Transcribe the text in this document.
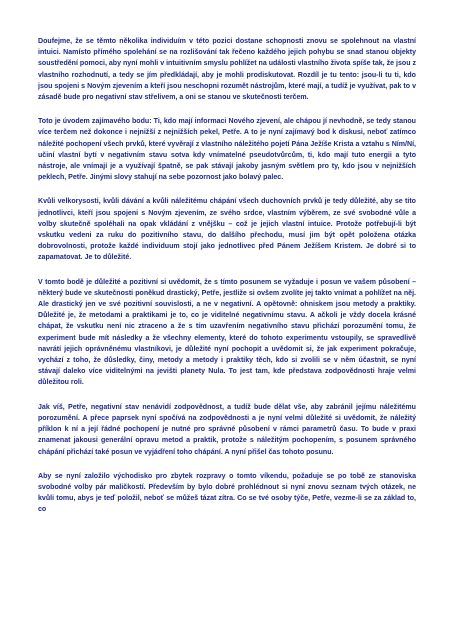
Doufejme, že se těmto několika individuím v této pozici dostane schopnosti znovu se spolehnout na vlastní intuici. Namísto přímého spolehání se na rozlišování tak řečeno každého jejich pohybu se snad stanou objekty soustředění pomoci, aby nyní mohli v intuitivním smyslu pohlížet na události vlastního života spíše tak, že jsou z vlastního rozhodnutí, a tedy se jím předkládají, aby je mohli prodiskutovat. Rozdíl je tu tento: jsou-li tu ti, kdo jsou spojeni s Novým zjevením a kteří jsou neschopni rozumět nástrojům, které mají, a tudíž je využívat, pak to v zásadě bude pro negativní stav střelivem, a oni se stanou ve skutečnosti terčem.

Toto je úvodem zajímavého bodu: Ti, kdo mají informaci Nového zjevení, ale chápou jí nevhodně, se tedy stanou více terčem než dokonce i nejnižší z nejnižších pekel, Petře. A to je nyní zajímavý bod k diskusi, neboť zatímco náležité pochopení všech prvků, které vyvěrají z vlastního náležitého pojetí Pána Ježíše Krista a vztahu s Ním/Ní, učiní vlastní bytí v negativním stavu sotva kdy vnímatelné pseudotvůrcům, ti, kdo mají tuto energii a tyto nástroje, ale vnímají je a využívají špatně, se pak stávají jakoby jasným světlem pro ty, kdo jsou v nejnižších peklech, Petře. Jinými slovy stahují na sebe pozornost jako bolavý palec.

Kvůli velkorysosti, kvůli dávání a kvůli náležitému chápání všech duchovních prvků je tedy důležité, aby se tito jednotlivci, kteří jsou spojeni s Novým zjevením, ze svého srdce, vlastním výběrem, ze své svobodné vůle a volby skutečně spoléhali na opak vkládání z vnějšku – což je jejich vlastní intuice. Protože potřebují-li být vskutku vedeni za ruku do pozitivního stavu, do dalšího přechodu, musí jim být opět položena otázka dobrovolnosti, protože každé individuum stojí jako jednotlivec před Pánem Ježíšem Kristem. Je dobré si to zapamatovat. Je to důležité.

V tomto bodě je důležité a pozitivní si uvědomit, že s tímto posunem se vyžaduje i posun ve vašem působení – některý bude ve skutečnosti poněkud drastický, Petře, jestliže si ovšem zvolíte jej takto vnímat a pohlížet na něj. Ale drastický jen ve své pozitivní souvislosti, a ne v negativní. A opětovně: ohniskem jsou metody a praktiky. Důležité je, že metodami a praktikami je to, co je viditelné negativnímu stavu. A ačkoli je vždy docela krásné chápat, že vskutku není nic ztraceno a že s tím uzavřením negativního stavu přichází porozumění tomu, že experiment bude mít následky a že všechny elementy, které do tohoto experimentu vstoupily, se spravedlivě navrátí jejich oprávněnému vlastníkovi, je důležité nyní pochopit a uvědomit si, že jak experiment pokračuje, vychází z toho, že důsledky, činy, metody a metody i praktiky těch, kdo si zvolili se v něm účastnit, se nyní stávají daleko více viditelnými na jevišti planety Nula. To jest tam, kde představa zodpovědnosti hraje velmi důležitou roli.

Jak víš, Petře, negativní stav nenávidí zodpovědnost, a tudíž bude dělat vše, aby zabránil jejímu náležitému porozumění. A přece paprsek nyní spočívá na zodpovědnosti a je nyní velmi důležité si uvědomit, že náležitý příklon k ní a její řádné pochopení je nutné pro správné působení v rámci parametrů času. To bude v praxi znamenat jakousi generální opravu metod a praktik, protože s náležitým pochopením, s posunem správného chápání přichází také posun ve vyjádření toho chápání. A nyní přišel čas tohoto posunu.

Aby se nyní založilo východisko pro zbytek rozpravy o tomto víkendu, požaduje se po tobě ze stanoviska svobodné volby pár maličkostí. Především by bylo dobré prohlédnout si nyní znovu seznam tvých otázek, ne kvůli tomu, abys je teď položil, neboť se můžeš tázat zítra. Co se tvé osoby týče, Petře, vezme-li se za základ to, co
